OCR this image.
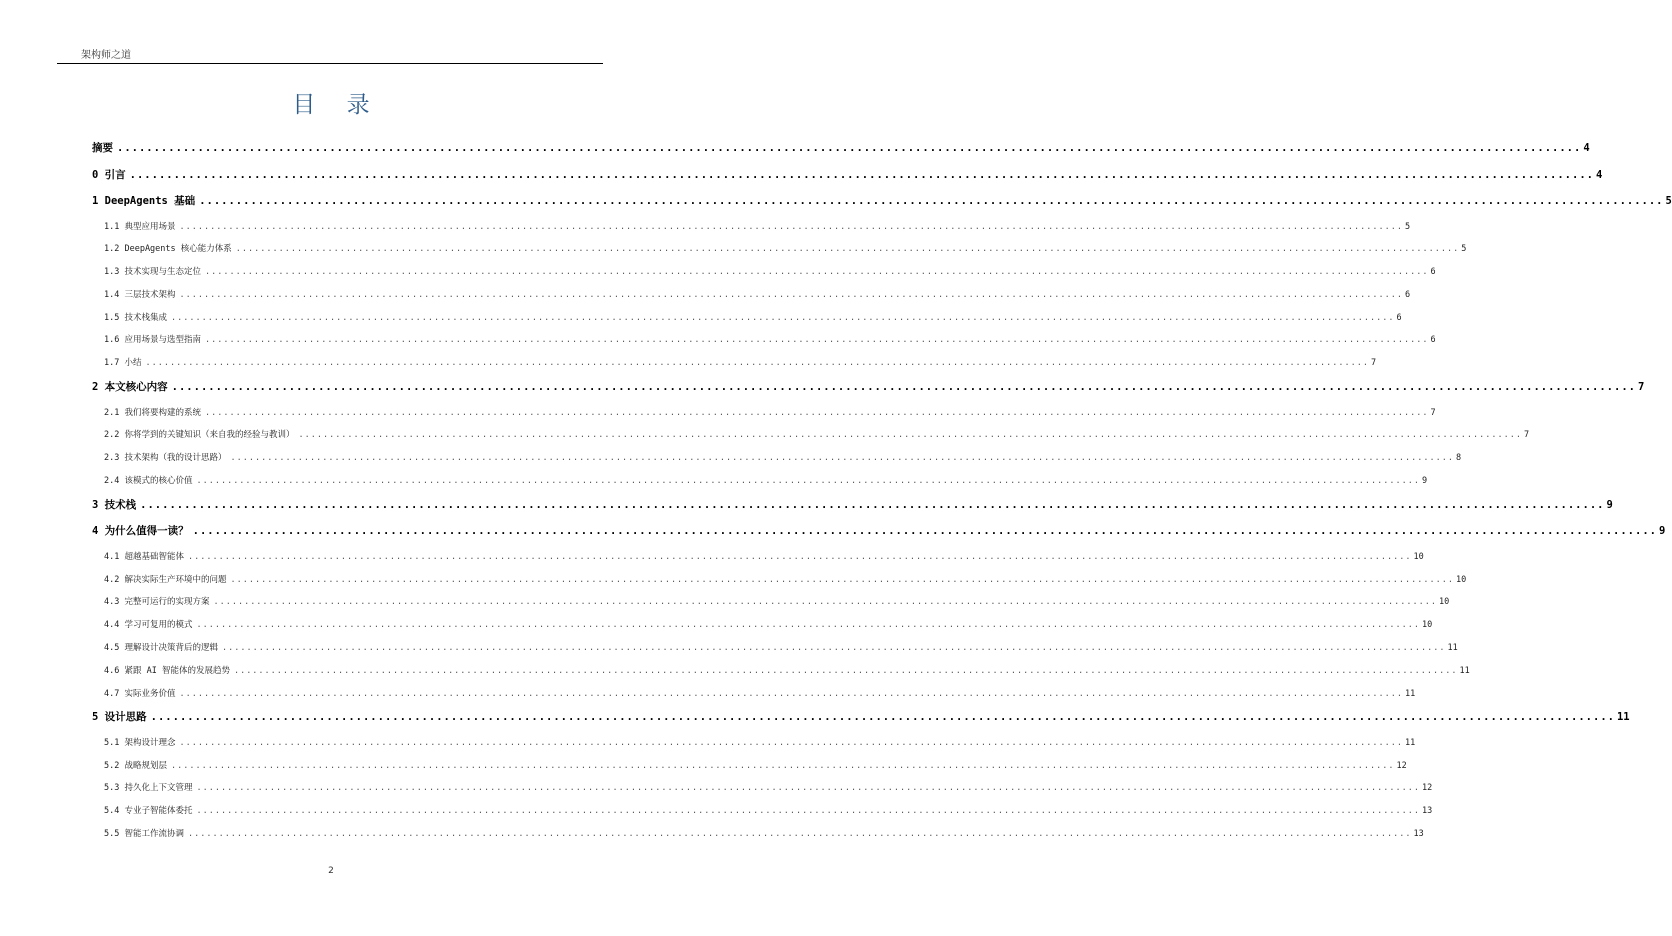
架构师之道
目 录
摘要 ........................................................................................................................................................................................................ 4
0 引言 ........................................................................................................................................................................................................ 4
1 DeepAgents 基础 ........................................................................................................................................................................................................ 5
1.1 典型应用场景 ........................................................................................................................................................................................................ 5
1.2 DeepAgents 核心能力体系 ........................................................................................................................................................................................................ 5
1.3 技术实现与生态定位 ........................................................................................................................................................................................................ 6
1.4 三层技术架构 ........................................................................................................................................................................................................ 6
1.5 技术栈集成 ........................................................................................................................................................................................................ 6
1.6 应用场景与选型指南 ........................................................................................................................................................................................................ 6
1.7 小结 ........................................................................................................................................................................................................ 7
2 本文核心内容 ........................................................................................................................................................................................................ 7
2.1 我们将要构建的系统 ........................................................................................................................................................................................................ 7
2.2 你将学到的关键知识（来自我的经验与教训） ........................................................................................................................................................................................................ 7
2.3 技术架构（我的设计思路） ........................................................................................................................................................................................................ 8
2.4 该模式的核心价值 ........................................................................................................................................................................................................ 9
3 技术栈 ........................................................................................................................................................................................................ 9
4 为什么值得一读？ ........................................................................................................................................................................................................ 9
4.1 超越基础智能体 ........................................................................................................................................................................................................ 10
4.2 解决实际生产环境中的问题 ........................................................................................................................................................................................................ 10
4.3 完整可运行的实现方案 ........................................................................................................................................................................................................ 10
4.4 学习可复用的模式 ........................................................................................................................................................................................................ 10
4.5 理解设计决策背后的逻辑 ........................................................................................................................................................................................................ 11
4.6 紧跟 AI 智能体的发展趋势 ........................................................................................................................................................................................................ 11
4.7 实际业务价值 ........................................................................................................................................................................................................ 11
5 设计思路 ........................................................................................................................................................................................................ 11
5.1 架构设计理念 ........................................................................................................................................................................................................ 11
5.2 战略规划层 ........................................................................................................................................................................................................ 12
5.3 持久化上下文管理 ........................................................................................................................................................................................................ 12
5.4 专业子智能体委托 ........................................................................................................................................................................................................ 13
5.5 智能工作流协调 ........................................................................................................................................................................................................ 13
2
